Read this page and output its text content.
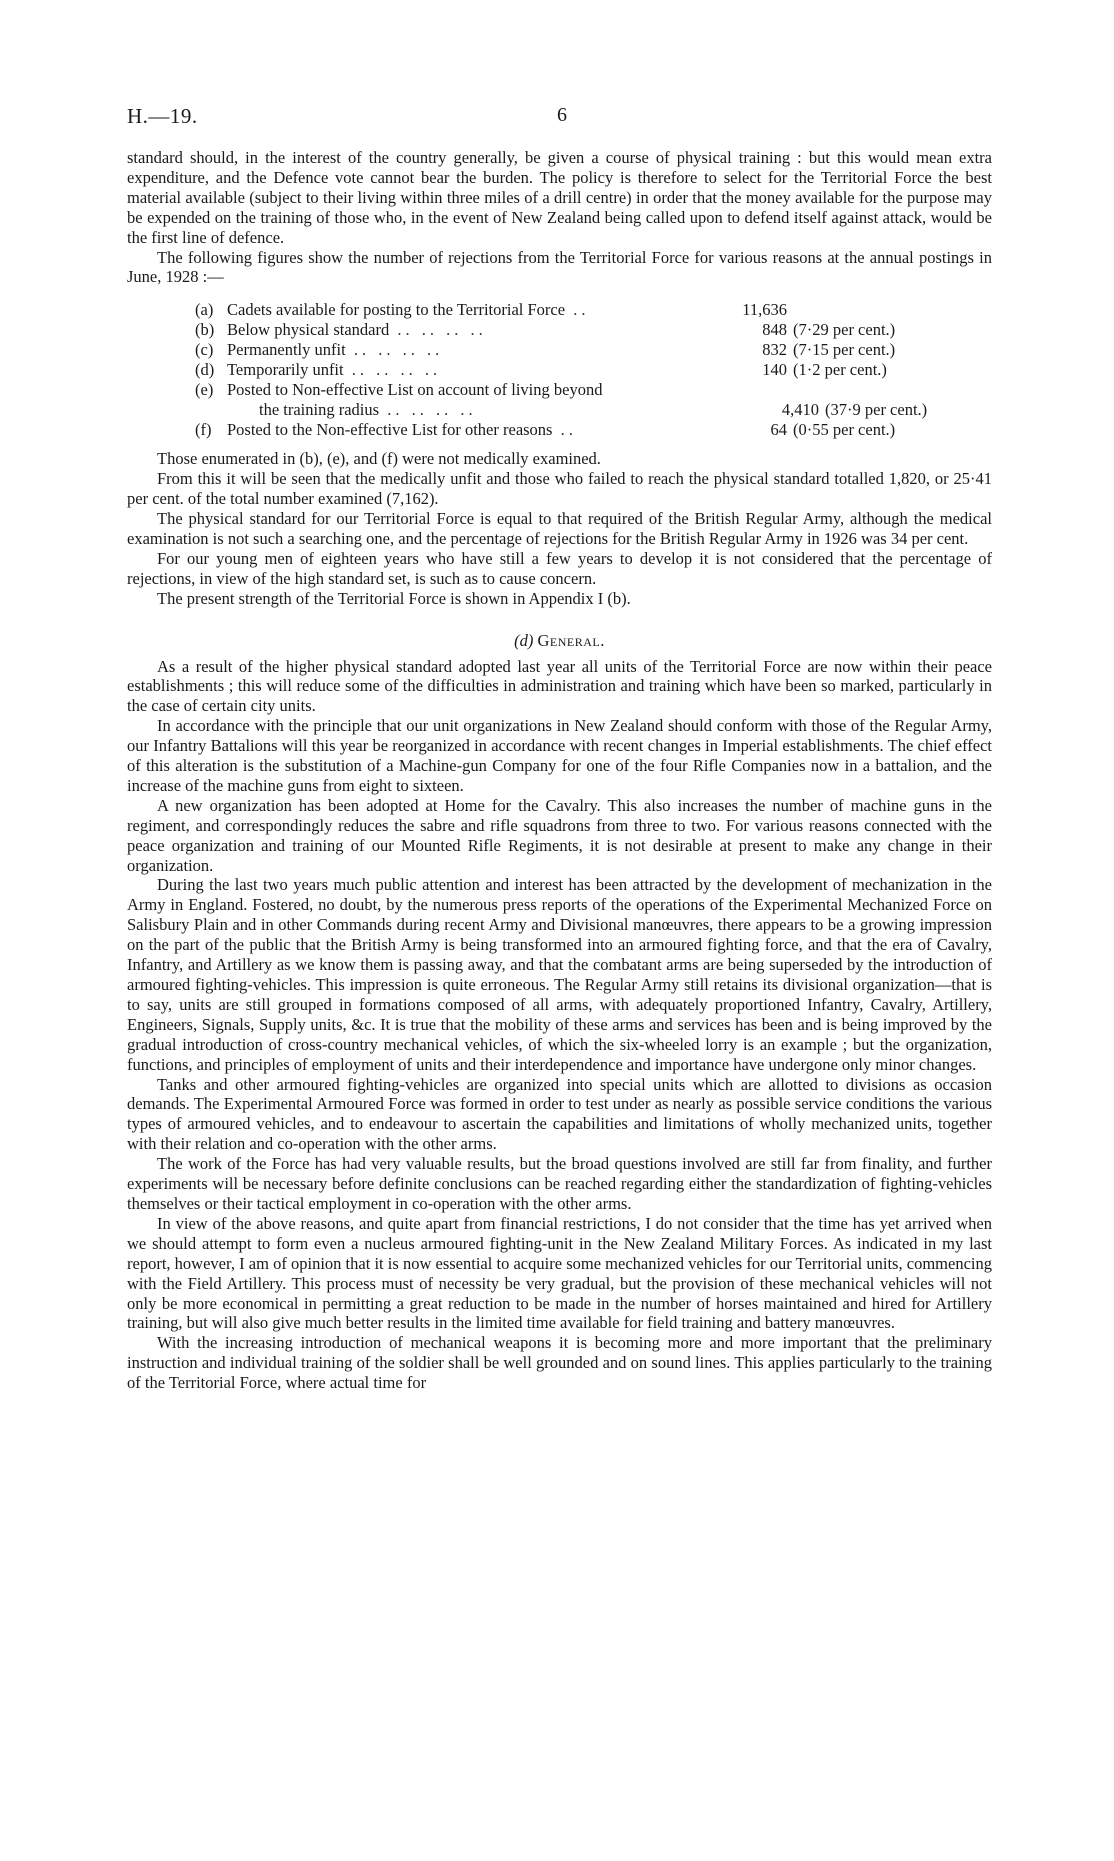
H.—19.	6

standard should, in the interest of the country generally, be given a course of physical training : but this would mean extra expenditure, and the Defence vote cannot bear the burden. The policy is therefore to select for the Territorial Force the best material available (subject to their living within three miles of a drill centre) in order that the money available for the purpose may be expended on the training of those who, in the event of New Zealand being called upon to defend itself against attack, would be the first line of defence.

The following figures show the number of rejections from the Territorial Force for various reasons at the annual postings in June, 1928 :—

(a) Cadets available for posting to the Territorial Force ..	11,636
(b) Below physical standard .. .. .. ..	848 (7·29 per cent.)
(c) Permanently unfit .. .. .. ..	832 (7·15 per cent.)
(d) Temporarily unfit .. .. .. ..	140 (1·2 per cent.)
(e) Posted to Non-effective List on account of living beyond
the training radius .. .. .. ..	4,410 (37·9 per cent.)
(f) Posted to the Non-effective List for other reasons ..	64 (0·55 per cent.)

Those enumerated in (b), (e), and (f) were not medically examined.

From this it will be seen that the medically unfit and those who failed to reach the physical standard totalled 1,820, or 25·41 per cent. of the total number examined (7,162).

The physical standard for our Territorial Force is equal to that required of the British Regular Army, although the medical examination is not such a searching one, and the percentage of rejections for the British Regular Army in 1926 was 34 per cent.

For our young men of eighteen years who have still a few years to develop it is not considered that the percentage of rejections, in view of the high standard set, is such as to cause concern.

The present strength of the Territorial Force is shown in Appendix I (b).

(d) General.

As a result of the higher physical standard adopted last year all units of the Territorial Force are now within their peace establishments ; this will reduce some of the difficulties in administration and training which have been so marked, particularly in the case of certain city units.

In accordance with the principle that our unit organizations in New Zealand should conform with those of the Regular Army, our Infantry Battalions will this year be reorganized in accordance with recent changes in Imperial establishments. The chief effect of this alteration is the substitution of a Machine-gun Company for one of the four Rifle Companies now in a battalion, and the increase of the machine guns from eight to sixteen.

A new organization has been adopted at Home for the Cavalry. This also increases the number of machine guns in the regiment, and correspondingly reduces the sabre and rifle squadrons from three to two. For various reasons connected with the peace organization and training of our Mounted Rifle Regiments, it is not desirable at present to make any change in their organization.

During the last two years much public attention and interest has been attracted by the development of mechanization in the Army in England. Fostered, no doubt, by the numerous press reports of the operations of the Experimental Mechanized Force on Salisbury Plain and in other Commands during recent Army and Divisional manœuvres, there appears to be a growing impression on the part of the public that the British Army is being transformed into an armoured fighting force, and that the era of Cavalry, Infantry, and Artillery as we know them is passing away, and that the combatant arms are being superseded by the introduction of armoured fighting-vehicles. This impression is quite erroneous. The Regular Army still retains its divisional organization—that is to say, units are still grouped in formations composed of all arms, with adequately proportioned Infantry, Cavalry, Artillery, Engineers, Signals, Supply units, &c. It is true that the mobility of these arms and services has been and is being improved by the gradual introduction of cross-country mechanical vehicles, of which the six-wheeled lorry is an example ; but the organization, functions, and principles of employment of units and their interdependence and importance have undergone only minor changes.

Tanks and other armoured fighting-vehicles are organized into special units which are allotted to divisions as occasion demands. The Experimental Armoured Force was formed in order to test under as nearly as possible service conditions the various types of armoured vehicles, and to endeavour to ascertain the capabilities and limitations of wholly mechanized units, together with their relation and co-operation with the other arms.

The work of the Force has had very valuable results, but the broad questions involved are still far from finality, and further experiments will be necessary before definite conclusions can be reached regarding either the standardization of fighting-vehicles themselves or their tactical employment in co-operation with the other arms.

In view of the above reasons, and quite apart from financial restrictions, I do not consider that the time has yet arrived when we should attempt to form even a nucleus armoured fighting-unit in the New Zealand Military Forces. As indicated in my last report, however, I am of opinion that it is now essential to acquire some mechanized vehicles for our Territorial units, commencing with the Field Artillery. This process must of necessity be very gradual, but the provision of these mechanical vehicles will not only be more economical in permitting a great reduction to be made in the number of horses maintained and hired for Artillery training, but will also give much better results in the limited time available for field training and battery manœuvres.

With the increasing introduction of mechanical weapons it is becoming more and more important that the preliminary instruction and individual training of the soldier shall be well grounded and on sound lines. This applies particularly to the training of the Territorial Force, where actual time for
